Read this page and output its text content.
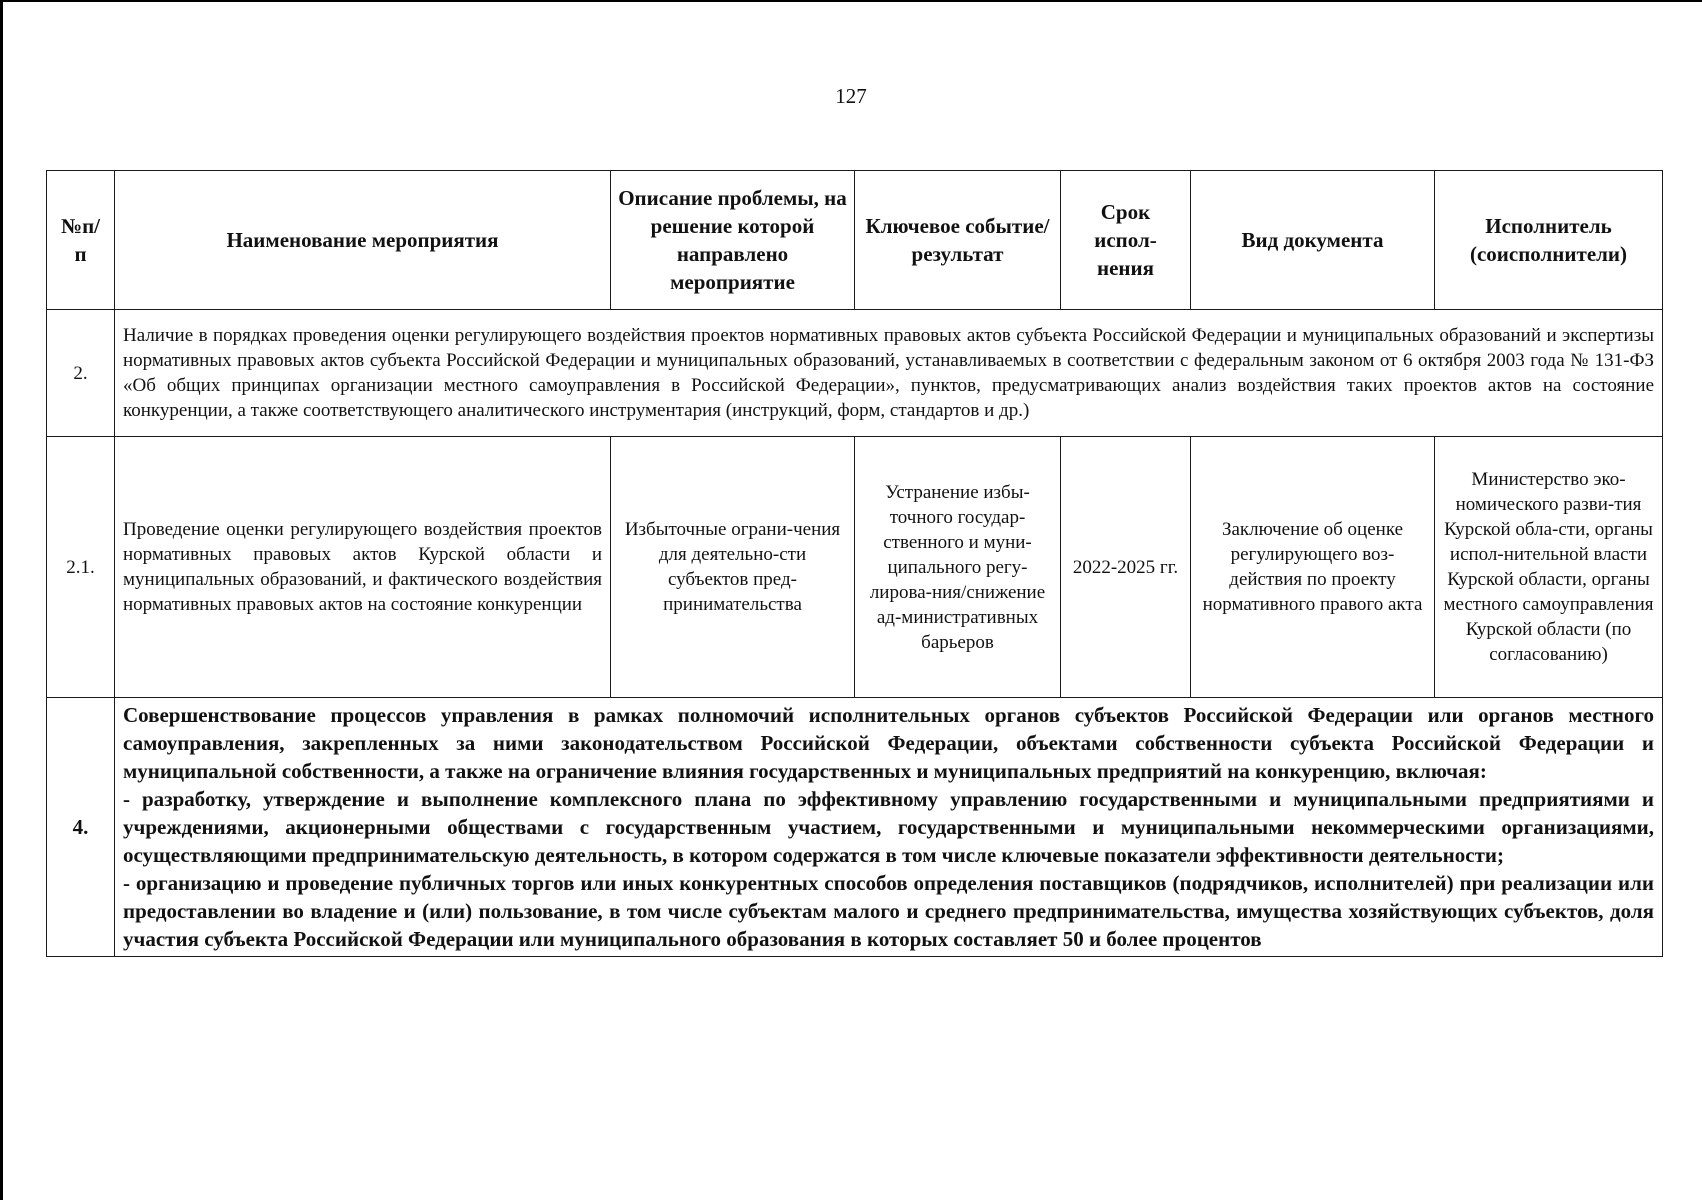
127
№п/ п	Наименование мероприятия	Описание проблемы, на решение которой направлено мероприятие	Ключевое событие/ результат	Срок испол- нения	Вид документа	Исполнитель (соисполнители)
2.	Наличие в порядках проведения оценки регулирующего воздействия проектов нормативных правовых актов субъекта Российской Федерации и муниципальных образований и экспертизы нормативных правовых актов субъекта Российской Федерации и муниципальных образований, устанавливаемых в соответствии с федеральным законом от 6 октября 2003 года № 131-ФЗ «Об общих принципах организации местного самоуправления в Российской Федерации», пунктов, предусматривающих анализ воздействия таких проектов актов на состояние конкуренции, а также соответствующего аналитического инструментария (инструкций, форм, стандартов и др.)					
2.1.	Проведение оценки регулирующего воздействия проектов нормативных правовых актов Курской области и муниципальных образований, и фактического воздействия нормативных правовых актов на состояние конкуренции	Избыточные ограни-чения для деятельно-сти субъектов пред-принимательства	Устранение избы-точного государ-ственного и муни-ципального регу-лирова-ния/снижение ад-министративных барьеров	2022-2025 гг.	Заключение об оценке регулирующего воз-действия по проекту нормативного правого акта	Министерство эко-номического разви-тия Курской обла-сти, органы испол-нительной власти Курской области, органы местного самоуправления Курской области (по согласованию)
4.	Совершенствование процессов управления в рамках полномочий исполнительных органов субъектов Российской Федерации или органов местного самоуправления, закрепленных за ними законодательством Российской Федерации, объектами собственности субъекта Российской Федерации и муниципальной собственности, а также на ограничение влияния государственных и муниципальных предприятий на конкуренцию, включая:
- разработку, утверждение и выполнение комплексного плана по эффективному управлению государственными и муниципальными предприятиями и учреждениями, акционерными обществами с государственным участием, государственными и муниципальными некоммерческими организациями, осуществляющими предпринимательскую деятельность, в котором содержатся в том числе ключевые показатели эффективности деятельности;
- организацию и проведение публичных торгов или иных конкурентных способов определения поставщиков (подрядчиков, исполнителей) при реализации или предоставлении во владение и (или) пользование, в том числе субъектам малого и среднего предпринимательства, имущества хозяйствующих субъектов, доля участия субъекта Российской Федерации или муниципального образования в которых составляет 50 и более процентов					
